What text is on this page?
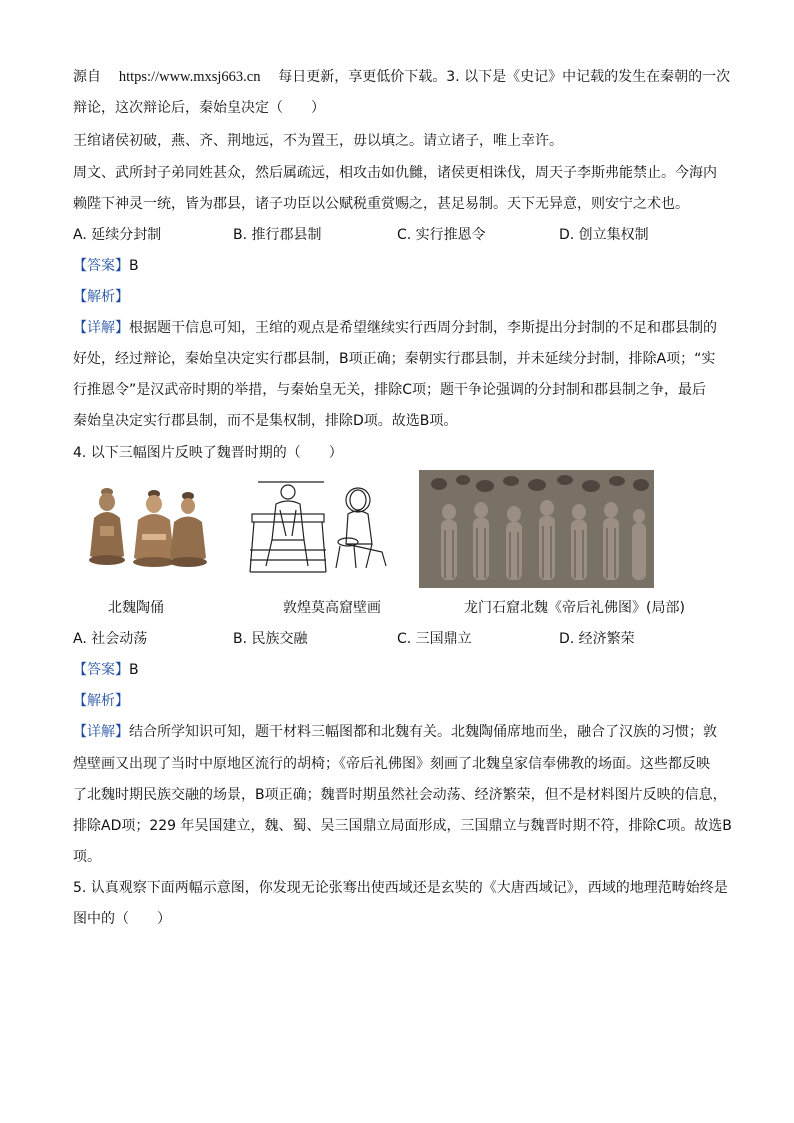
源自 https://www.mxsj663.cn 每日更新，享更低价下载。3. 以下是《史记》中记载的发生在秦朝的一次
辩论，这次辩论后，秦始皇决定（　　）
王绾诸侯初破，燕、齐、荆地远，不为置王，毋以填之。请立诸子，唯上幸许。
周文、武所封子弟同姓甚众，然后属疏远，相攻击如仇雠，诸侯更相诛伐，周天子李斯弗能禁止。今海内
赖陛下神灵一统，皆为郡县，诸子功臣以公赋税重赏赐之，甚足易制。天下无异意，则安宁之术也。
A. 延续分封制	B. 推行郡县制	C. 实行推恩令	D. 创立集权制
【答案】B
【解析】
【详解】根据题干信息可知，王绾的观点是希望继续实行西周分封制，李斯提出分封制的不足和郡县制的
好处，经过辩论，秦始皇决定实行郡县制，B项正确；秦朝实行郡县制，并未延续分封制，排除A项；“实
行推恩令”是汉武帝时期的举措，与秦始皇无关，排除C项；题干争论强调的分封制和郡县制之争，最后
秦始皇决定实行郡县制，而不是集权制，排除D项。故选B项。
4. 以下三幅图片反映了魏晋时期的（　　）
北魏陶俑	敦煌莫高窟壁画	龙门石窟北魏《帝后礼佛图》(局部)
A. 社会动荡	B. 民族交融	C. 三国鼎立	D. 经济繁荣
【答案】B
【解析】
【详解】结合所学知识可知，题干材料三幅图都和北魏有关。北魏陶俑席地而坐，融合了汉族的习惯；敦
煌壁画又出现了当时中原地区流行的胡椅；《帝后礼佛图》刻画了北魏皇家信奉佛教的场面。这些都反映
了北魏时期民族交融的场景，B项正确；魏晋时期虽然社会动荡、经济繁荣，但不是材料图片反映的信息，
排除AD项；229 年吴国建立，魏、蜀、吴三国鼎立局面形成，三国鼎立与魏晋时期不符，排除C项。故选B
项。
5. 认真观察下面两幅示意图，你发现无论张骞出使西域还是玄奘的《大唐西域记》，西域的地理范畴始终是
图中的（　　）
